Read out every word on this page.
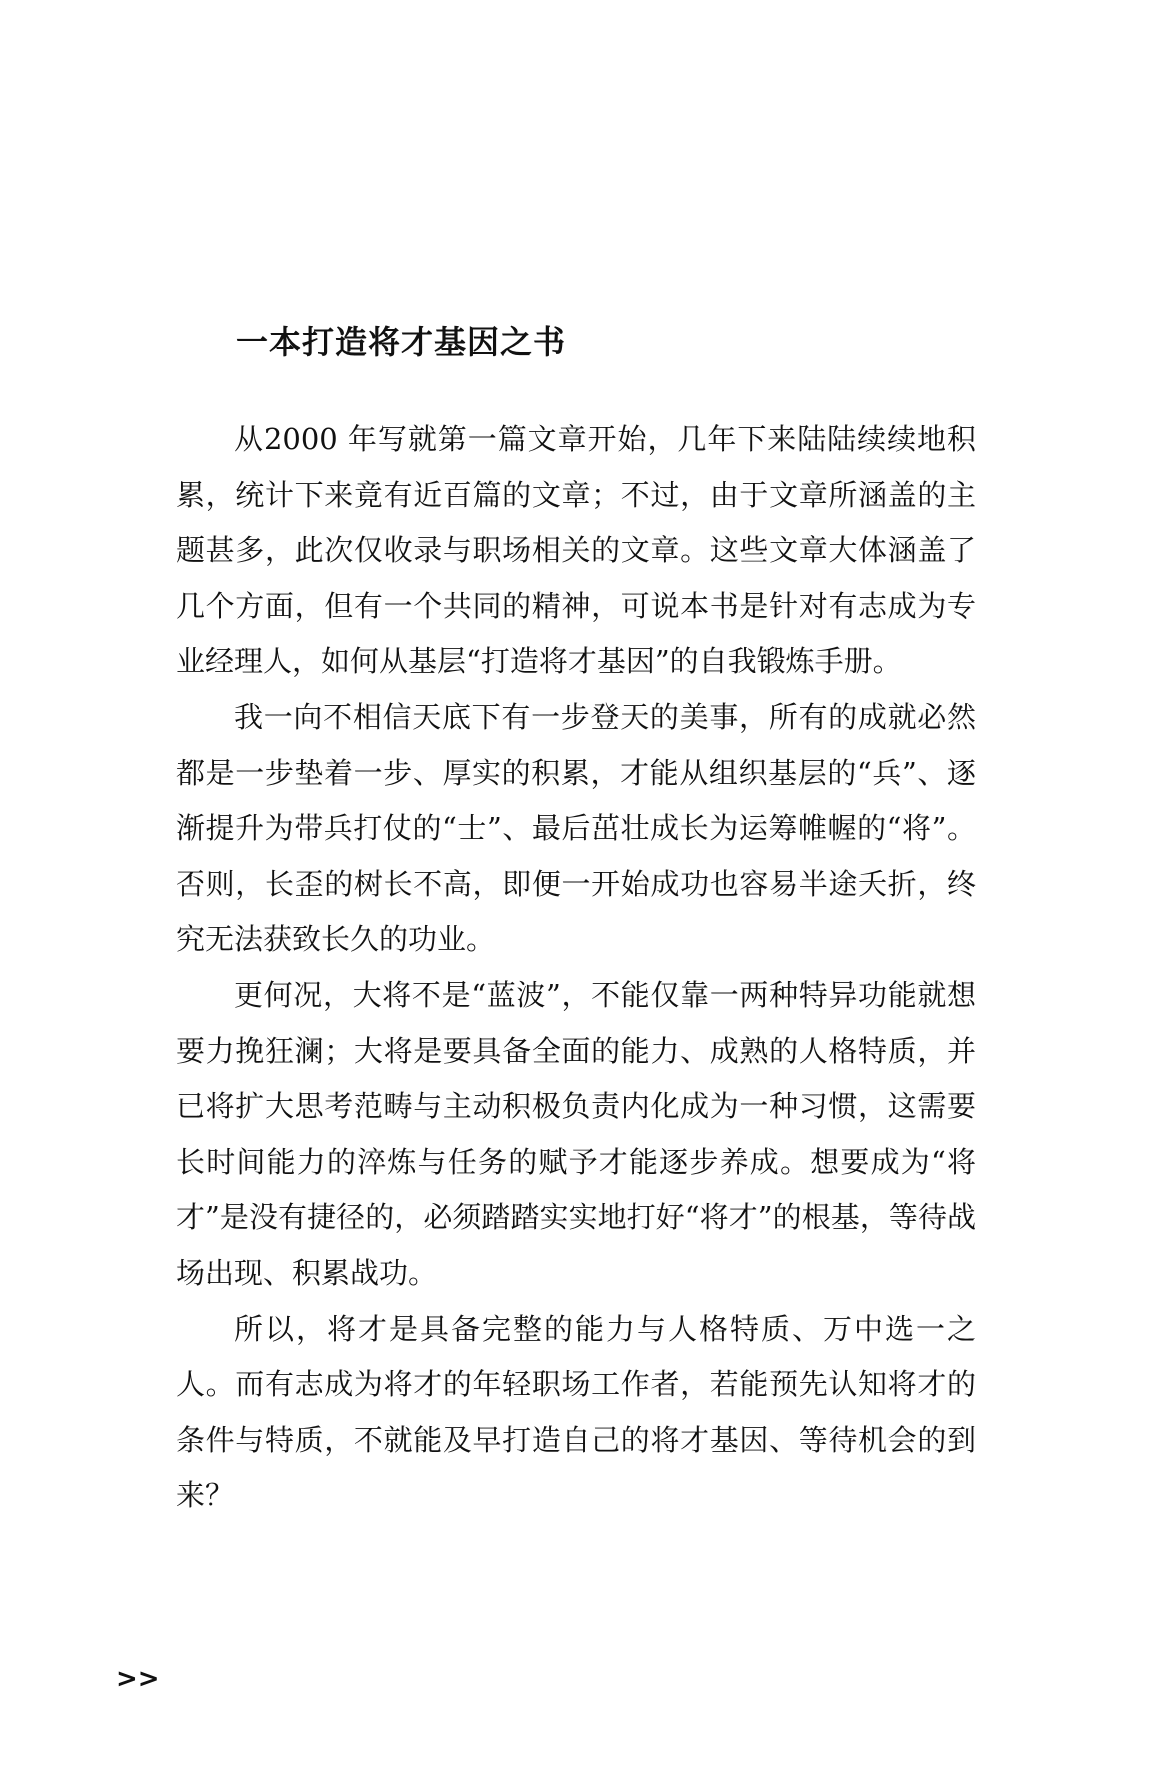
一本打造将才基因之书

从2000 年写就第一篇文章开始，几年下来陆陆续续地积累，统计下来竟有近百篇的文章；不过，由于文章所涵盖的主题甚多，此次仅收录与职场相关的文章。这些文章大体涵盖了几个方面，但有一个共同的精神，可说本书是针对有志成为专业经理人，如何从基层“打造将才基因”的自我锻炼手册。

我一向不相信天底下有一步登天的美事，所有的成就必然都是一步垫着一步、厚实的积累，才能从组织基层的“兵”、逐渐提升为带兵打仗的“士”、最后茁壮成长为运筹帷幄的“将”。否则，长歪的树长不高，即便一开始成功也容易半途夭折，终究无法获致长久的功业。

更何况，大将不是“蓝波”，不能仅靠一两种特异功能就想要力挽狂澜；大将是要具备全面的能力、成熟的人格特质，并已将扩大思考范畴与主动积极负责内化成为一种习惯，这需要长时间能力的淬炼与任务的赋予才能逐步养成。想要成为“将才”是没有捷径的，必须踏踏实实地打好“将才”的根基，等待战场出现、积累战功。

所以，将才是具备完整的能力与人格特质、万中选一之人。而有志成为将才的年轻职场工作者，若能预先认知将才的条件与特质，不就能及早打造自己的将才基因、等待机会的到来？

>>
